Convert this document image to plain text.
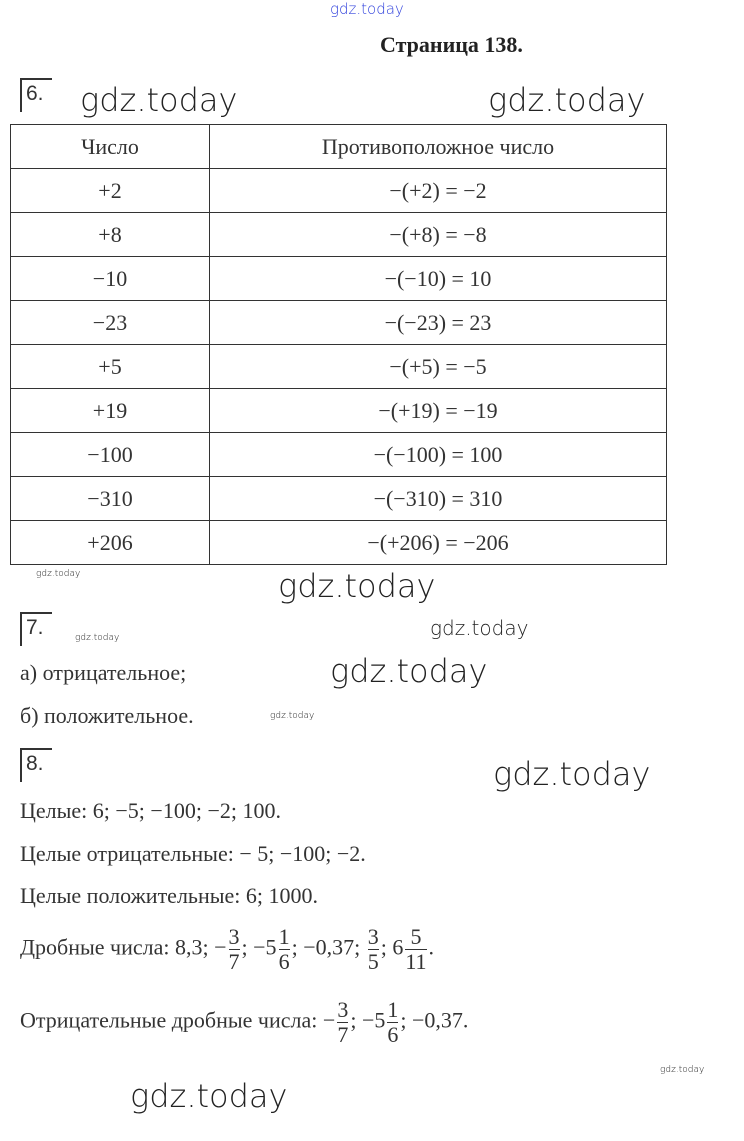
gdz.today
Страница 138.
6.
Число	Противоположное число
+2	−(+2) = −2
+8	−(+8) = −8
−10	−(−10) = 10
−23	−(−23) = 23
+5	−(+5) = −5
+19	−(+19) = −19
−100	−(−100) = 100
−310	−(−310) = 310
+206	−(+206) = −206
gdz.today	gdz.today
gdz.today
gdz.today
gdz.today
gdz.today
7.	gdz.today
а) отрицательное;
gdz.today
б) положительное.
8.	gdz.today
Целые: 6; −5; −100; −2; 100.
Целые отрицательные: − 5; −100; −2.
Целые положительные: 6; 1000.
gdz.today
Дробные числа: 8,3; − $\frac{3}{7}$ ; $-5 \frac{1}{6}$ ; −0,37; $\frac{3}{5}$ ; $6 \frac{5}{11}$ .
gdz.today
Отрицательные дробные числа: − $\frac{3}{7}$ ; $-5 \frac{1}{6}$ ; −0,37.
